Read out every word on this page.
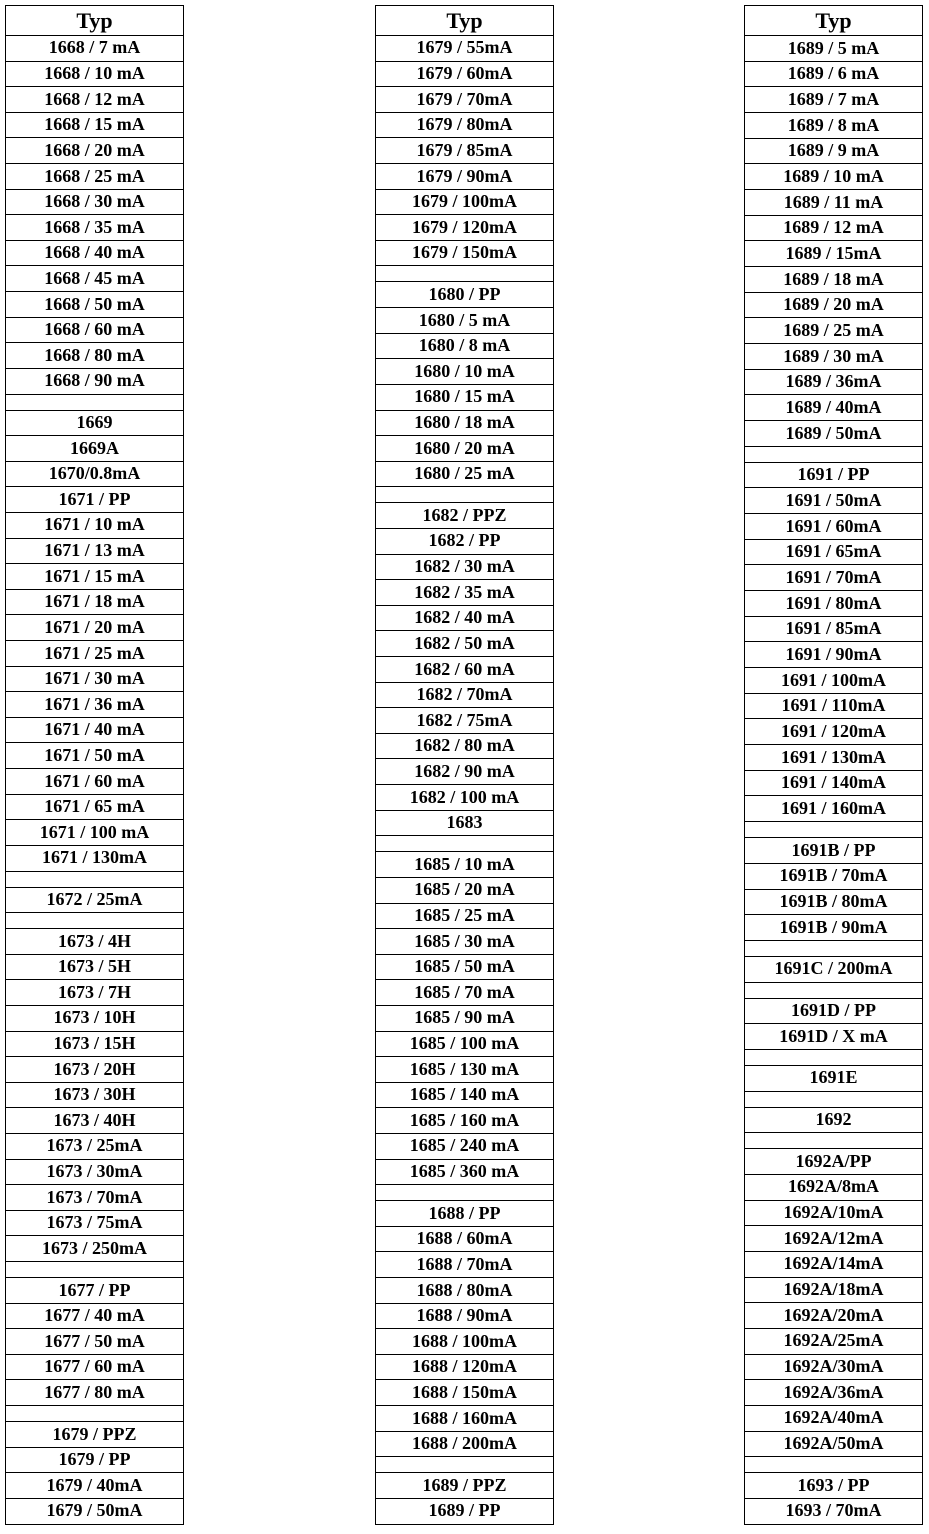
Typ
1668 / 7 mA
1668 / 10 mA
1668 / 12 mA
1668 / 15 mA
1668 / 20 mA
1668 / 25 mA
1668 / 30 mA
1668 / 35 mA
1668 / 40 mA
1668 / 45 mA
1668 / 50 mA
1668 / 60 mA
1668 / 80 mA
1668 / 90 mA
1669
1669A
1670/0.8mA
1671 / PP
1671 / 10 mA
1671 / 13 mA
1671 / 15 mA
1671 / 18 mA
1671 / 20 mA
1671 / 25 mA
1671 / 30 mA
1671 / 36 mA
1671 / 40 mA
1671 / 50 mA
1671 / 60 mA
1671 / 65 mA
1671 / 100 mA
1671 / 130mA
1672 / 25mA
1673 / 4H
1673 / 5H
1673 / 7H
1673 / 10H
1673 / 15H
1673 / 20H
1673 / 30H
1673 / 40H
1673 / 25mA
1673 / 30mA
1673 / 70mA
1673 / 75mA
1673 / 250mA
1677 / PP
1677 / 40 mA
1677 / 50 mA
1677 / 60 mA
1677 / 80 mA
1679 / PPZ
1679 / PP
1679 / 40mA
1679 / 50mA
Typ
1679 / 55mA
1679 / 60mA
1679 / 70mA
1679 / 80mA
1679 / 85mA
1679 / 90mA
1679 / 100mA
1679 / 120mA
1679 / 150mA
1680 / PP
1680 / 5 mA
1680 / 8 mA
1680 / 10 mA
1680 / 15 mA
1680 / 18 mA
1680 / 20 mA
1680 / 25 mA
1682 / PPZ
1682 / PP
1682 / 30 mA
1682 / 35 mA
1682 / 40 mA
1682 / 50 mA
1682 / 60 mA
1682 / 70mA
1682 / 75mA
1682 / 80 mA
1682 / 90 mA
1682 / 100 mA
1683
1685 / 10 mA
1685 / 20 mA
1685 / 25 mA
1685 / 30 mA
1685 / 50 mA
1685 / 70 mA
1685 / 90 mA
1685 / 100 mA
1685 / 130 mA
1685 / 140 mA
1685 / 160 mA
1685 / 240 mA
1685 / 360 mA
1688 / PP
1688 / 60mA
1688 / 70mA
1688 / 80mA
1688 / 90mA
1688 / 100mA
1688 / 120mA
1688 / 150mA
1688 / 160mA
1688 / 200mA
1689 / PPZ
1689 / PP
Typ
1689 / 5 mA
1689 / 6 mA
1689 / 7 mA
1689 / 8 mA
1689 / 9 mA
1689 / 10 mA
1689 / 11 mA
1689 / 12 mA
1689 / 15mA
1689 / 18 mA
1689 / 20 mA
1689 / 25 mA
1689 / 30 mA
1689 / 36mA
1689 / 40mA
1689 / 50mA
1691 / PP
1691 / 50mA
1691 / 60mA
1691 / 65mA
1691 / 70mA
1691 / 80mA
1691 / 85mA
1691 / 90mA
1691 / 100mA
1691 / 110mA
1691 / 120mA
1691 / 130mA
1691 / 140mA
1691 / 160mA
1691B / PP
1691B / 70mA
1691B / 80mA
1691B / 90mA
1691C / 200mA
1691D / PP
1691D / X mA
1691E
1692
1692A/PP
1692A/8mA
1692A/10mA
1692A/12mA
1692A/14mA
1692A/18mA
1692A/20mA
1692A/25mA
1692A/30mA
1692A/36mA
1692A/40mA
1692A/50mA
1693 / PP
1693 / 70mA
